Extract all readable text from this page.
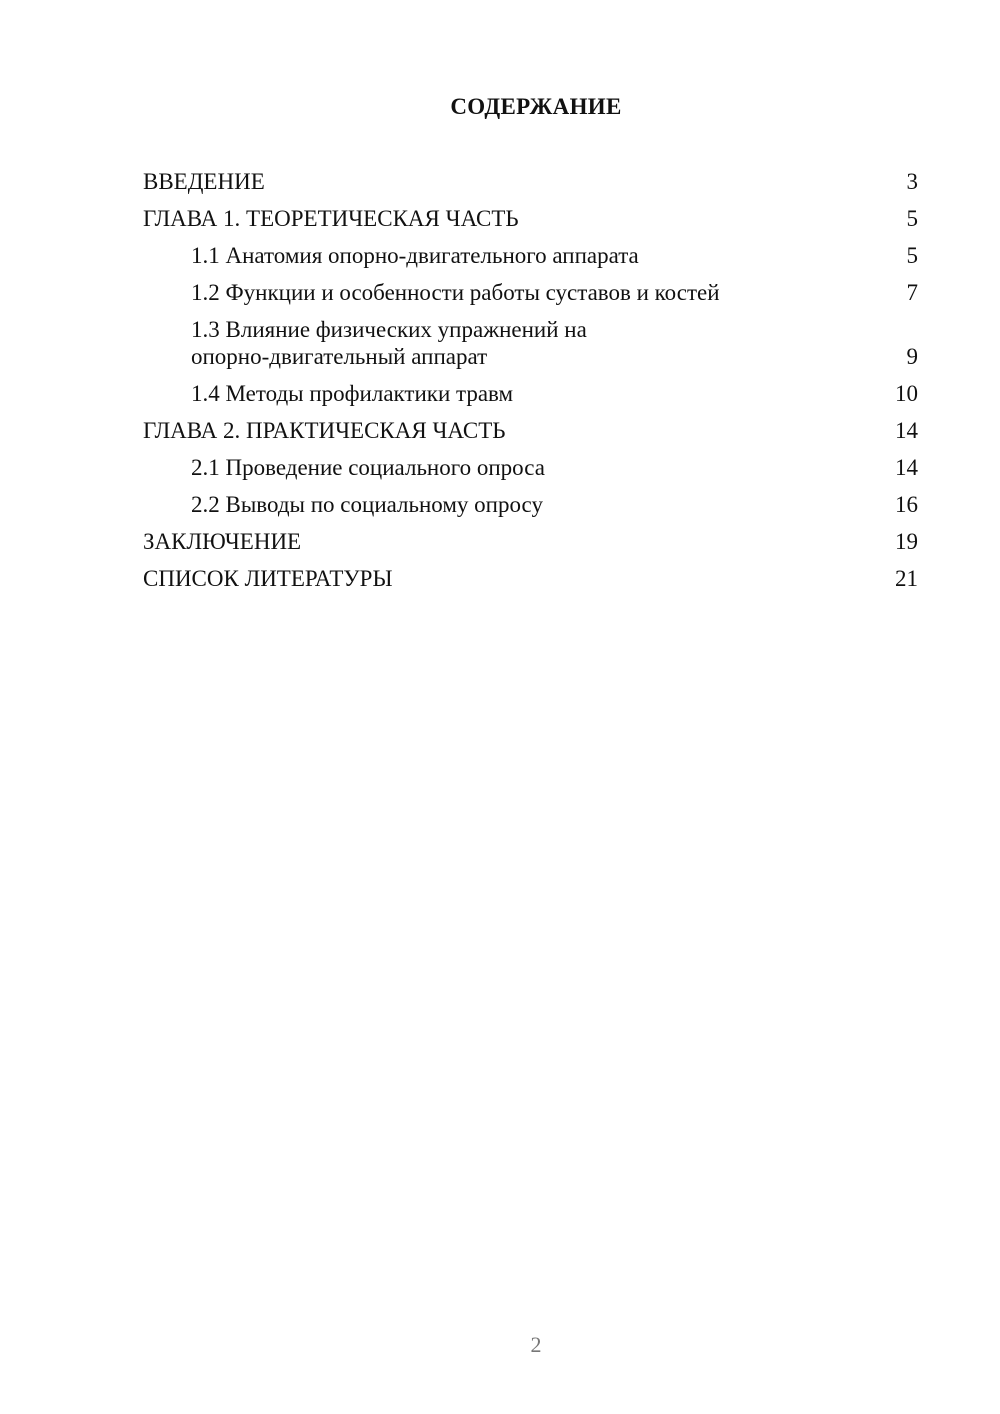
СОДЕРЖАНИЕ
ВВЕДЕНИЕ	3
ГЛАВА 1. ТЕОРЕТИЧЕСКАЯ ЧАСТЬ	5
1.1 Анатомия опорно-двигательного аппарата	5
1.2 Функции и особенности работы суставов и костей	7
1.3 Влияние физических упражнений на
опорно-двигательный аппарат	9
1.4 Методы профилактики травм	10
ГЛАВА 2. ПРАКТИЧЕСКАЯ ЧАСТЬ	14
2.1 Проведение социального опроса	14
2.2 Выводы по социальному опросу	16
ЗАКЛЮЧЕНИЕ	19
СПИСОК ЛИТЕРАТУРЫ	21
2
